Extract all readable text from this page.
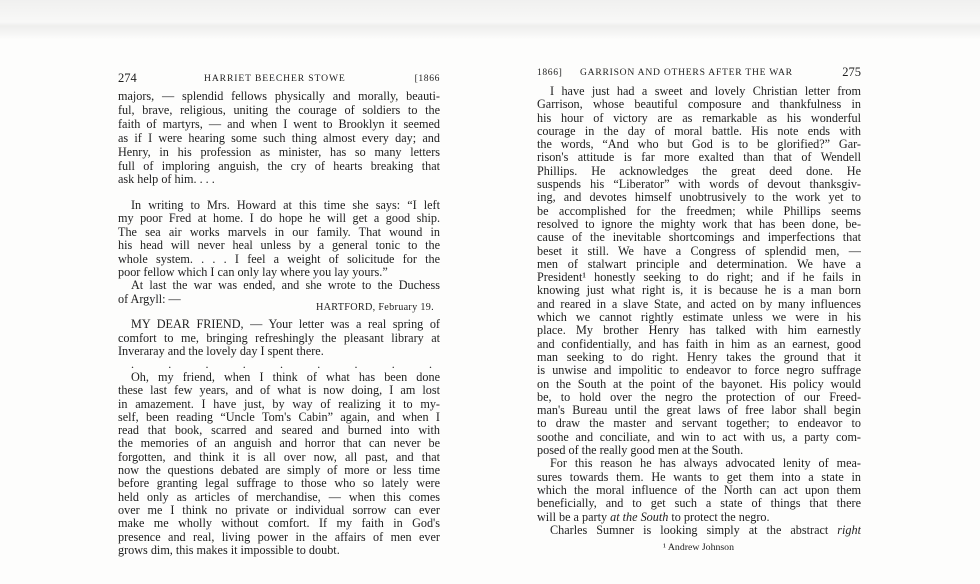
274	HARRIET BEECHER STOWE	[1866
majors, — splendid fellows physically and morally, beauti-
ful, brave, religious, uniting the courage of soldiers to the
faith of martyrs, — and when I went to Brooklyn it seemed
as if I were hearing some such thing almost every day; and
Henry, in his profession as minister, has so many letters
full of imploring anguish, the cry of hearts breaking that
ask help of him. . . .
In writing to Mrs. Howard at this time she says: “I left
my poor Fred at home. I do hope he will get a good ship.
The sea air works marvels in our family. That wound in
his head will never heal unless by a general tonic to the
whole system. . . . I feel a weight of solicitude for the
poor fellow which I can only lay where you lay yours.”
At last the war was ended, and she wrote to the Duchess
of Argyll: —
HARTFORD, February 19.
MY DEAR FRIEND, — Your letter was a real spring of
comfort to me, bringing refreshingly the pleasant library at
Inveraray and the lovely day I spent there.
. . . . . . . . .
Oh, my friend, when I think of what has been done
these last few years, and of what is now doing, I am lost
in amazement. I have just, by way of realizing it to my-
self, been reading “Uncle Tom's Cabin” again, and when I
read that book, scarred and seared and burned into with
the memories of an anguish and horror that can never be
forgotten, and think it is all over now, all past, and that
now the questions debated are simply of more or less time
before granting legal suffrage to those who so lately were
held only as articles of merchandise, — when this comes
over me I think no private or individual sorrow can ever
make me wholly without comfort. If my faith in God's
presence and real, living power in the affairs of men ever
grows dim, this makes it impossible to doubt.
1866] GARRISON AND OTHERS AFTER THE WAR	275
I have just had a sweet and lovely Christian letter from
Garrison, whose beautiful composure and thankfulness in
his hour of victory are as remarkable as his wonderful
courage in the day of moral battle. His note ends with
the words, “And who but God is to be glorified?” Gar-
rison's attitude is far more exalted than that of Wendell
Phillips. He acknowledges the great deed done. He
suspends his “Liberator” with words of devout thanksgiv-
ing, and devotes himself unobtrusively to the work yet to
be accomplished for the freedmen; while Phillips seems
resolved to ignore the mighty work that has been done, be-
cause of the inevitable shortcomings and imperfections that
beset it still. We have a Congress of splendid men, —
men of stalwart principle and determination. We have a
President¹ honestly seeking to do right; and if he fails in
knowing just what right is, it is because he is a man born
and reared in a slave State, and acted on by many influences
which we cannot rightly estimate unless we were in his
place. My brother Henry has talked with him earnestly
and confidentially, and has faith in him as an earnest, good
man seeking to do right. Henry takes the ground that it
is unwise and impolitic to endeavor to force negro suffrage
on the South at the point of the bayonet. His policy would
be, to hold over the negro the protection of our Freed-
man's Bureau until the great laws of free labor shall begin
to draw the master and servant together; to endeavor to
soothe and conciliate, and win to act with us, a party com-
posed of the really good men at the South.
For this reason he has always advocated lenity of mea-
sures towards them. He wants to get them into a state in
which the moral influence of the North can act upon them
beneficially, and to get such a state of things that there
will be a party at the South to protect the negro.
Charles Sumner is looking simply at the abstract right
¹ Andrew Johnson
